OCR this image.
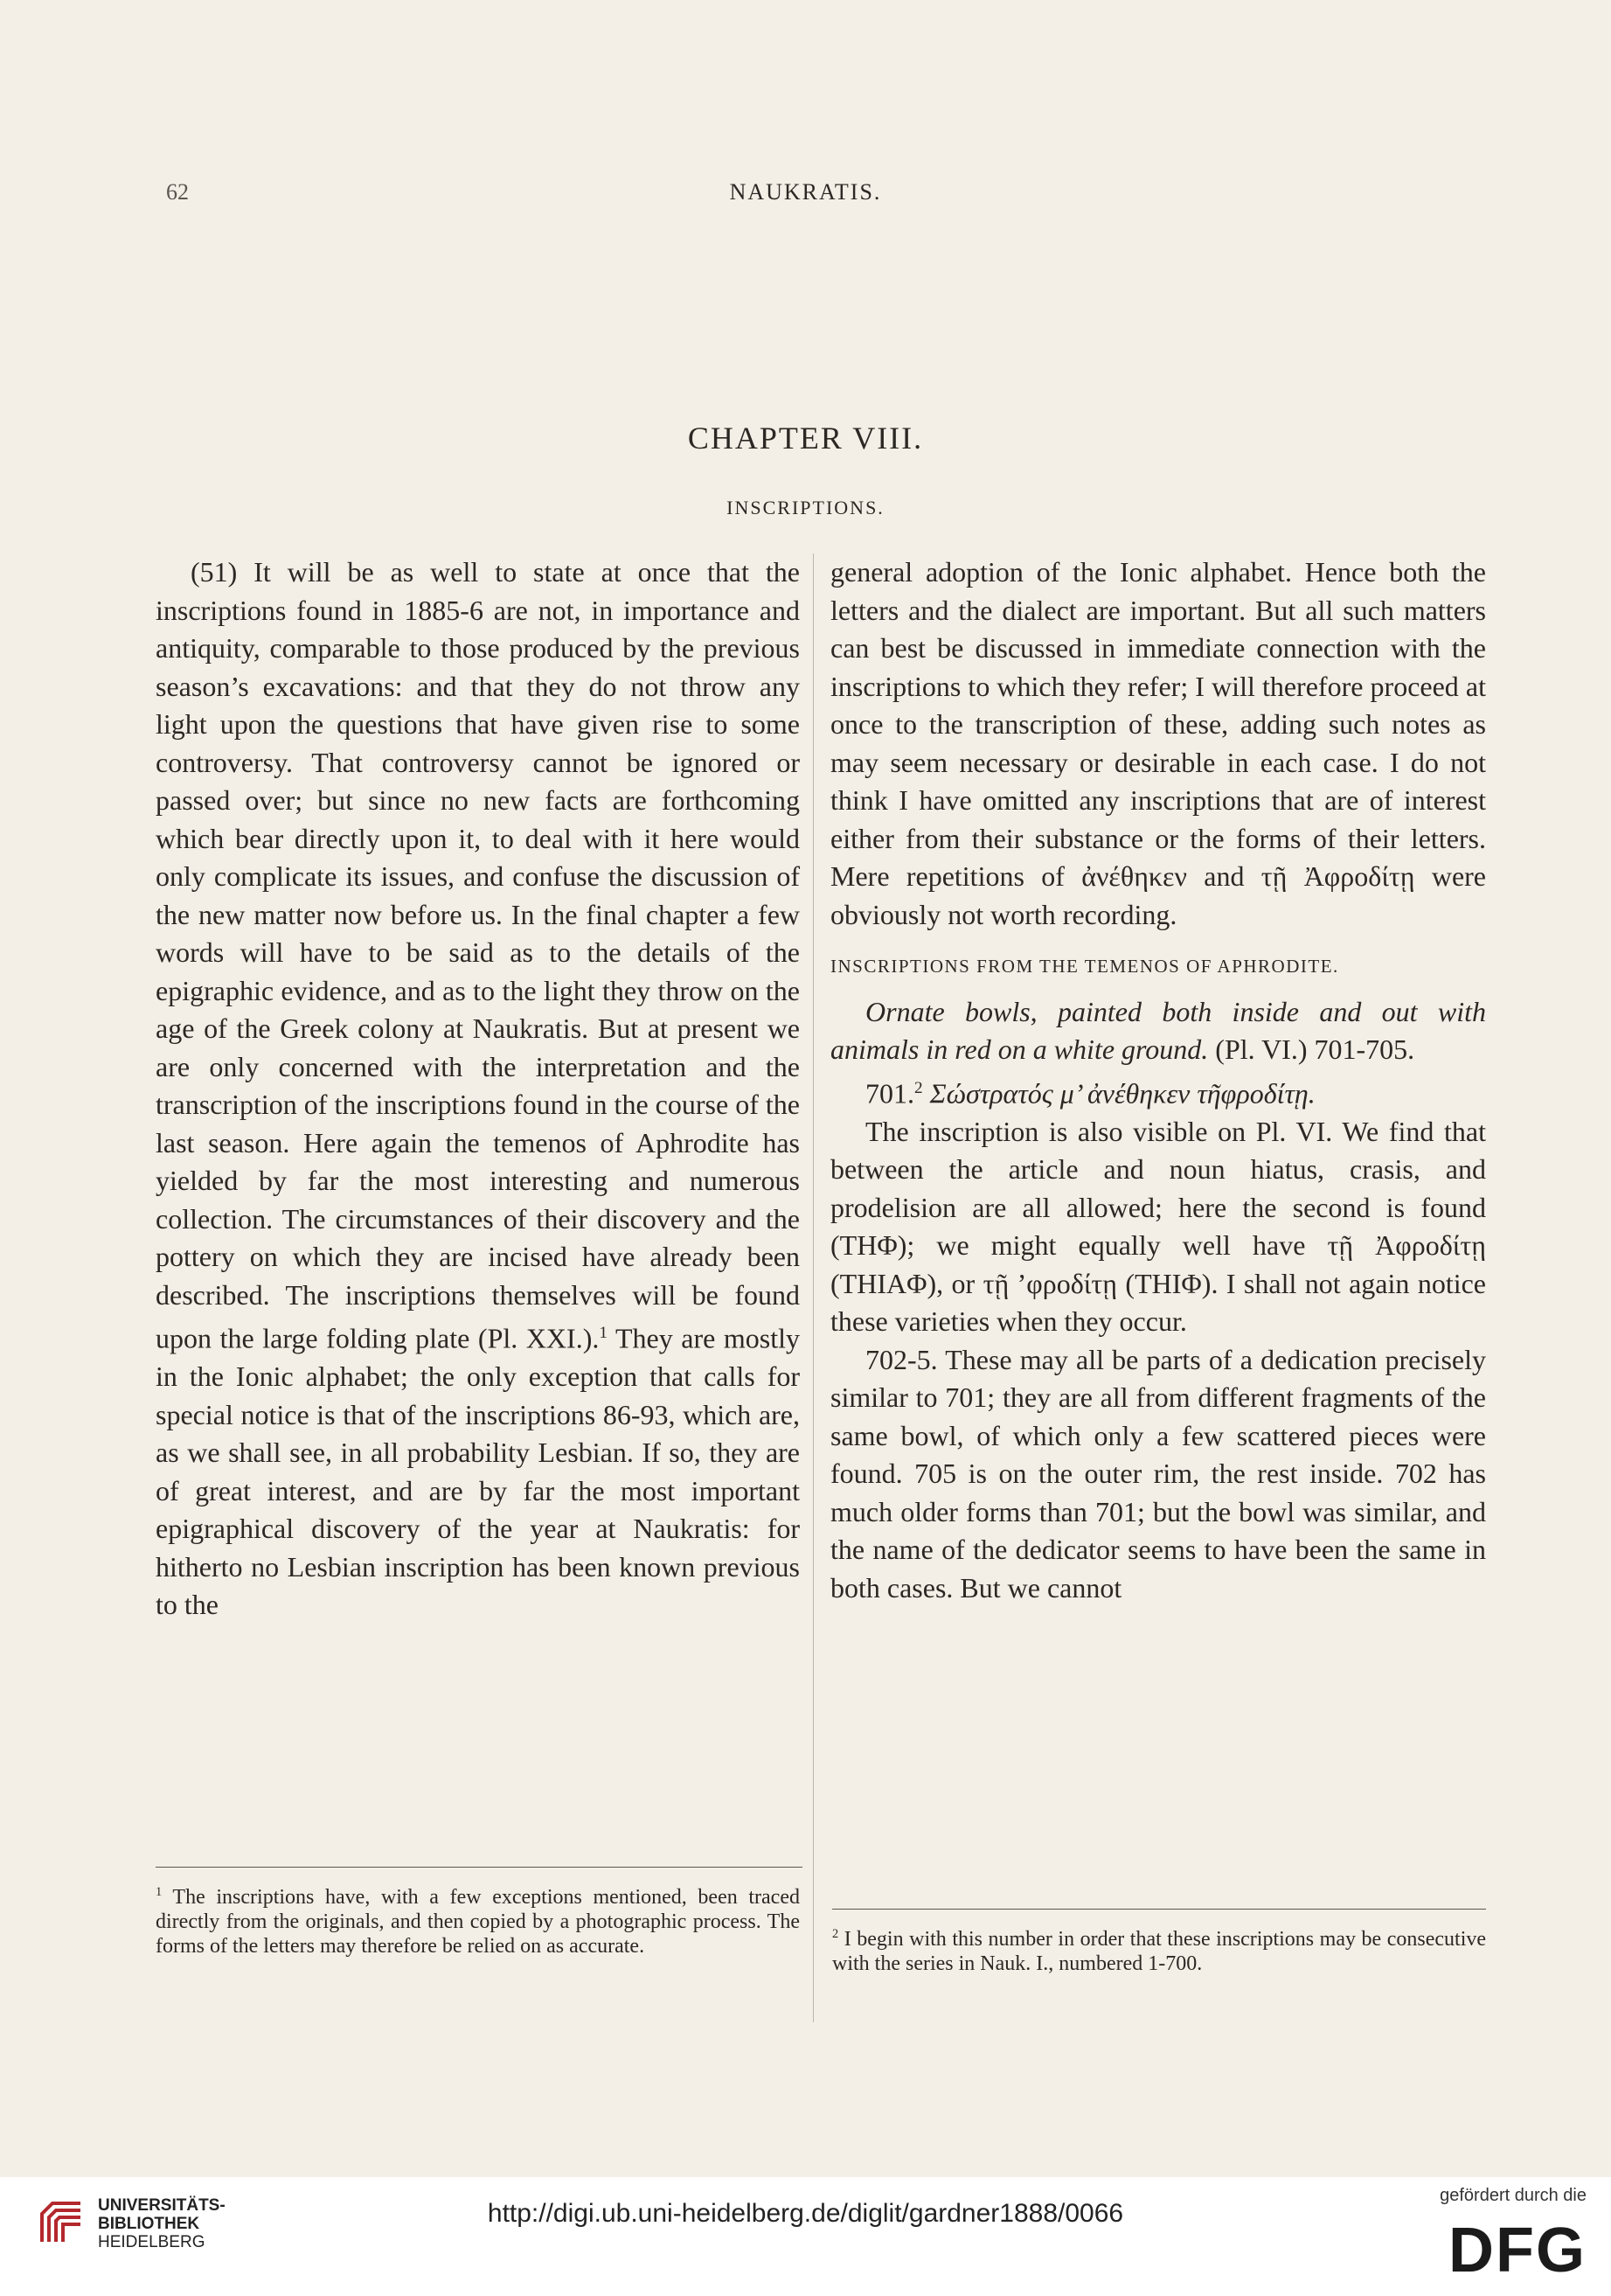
62	NAUKRATIS.
CHAPTER VIII.
INSCRIPTIONS.

(51) It will be as well to state at once that the inscriptions found in 1885-6 are not, in importance and antiquity, comparable to those produced by the previous season’s excavations: and that they do not throw any light upon the questions that have given rise to some controversy. That controversy cannot be ignored or passed over; but since no new facts are forthcoming which bear directly upon it, to deal with it here would only complicate its issues, and confuse the discussion of the new matter now before us. In the final chapter a few words will have to be said as to the details of the epigraphic evidence, and as to the light they throw on the age of the Greek colony at Naukratis. But at present we are only concerned with the interpretation and the transcription of the inscriptions found in the course of the last season. Here again the temenos of Aphrodite has yielded by far the most interesting and numerous collection. The circumstances of their discovery and the pottery on which they are incised have already been described. The inscriptions themselves will be found upon the large folding plate (Pl. XXI.).$^1$ They are mostly in the Ionic alphabet; the only exception that calls for special notice is that of the inscriptions 86-93, which are, as we shall see, in all probability Lesbian. If so, they are of great interest, and are by far the most important epigraphical discovery of the year at Naukratis: for hitherto no Lesbian inscription has been known previous to the

general adoption of the Ionic alphabet. Hence both the letters and the dialect are important. But all such matters can best be discussed in immediate connection with the inscriptions to which they refer; I will therefore proceed at once to the transcription of these, adding such notes as may seem necessary or desirable in each case. I do not think I have omitted any inscriptions that are of interest either from their substance or the forms of their letters. Mere repetitions of ἀνέθηκεν and τῇ Ἀφροδίτῃ were obviously not worth recording.

INSCRIPTIONS FROM THE TEMENOS OF APHRODITE.

Ornate bowls, painted both inside and out with animals in red on a white ground. (Pl. VI.) 701-705.

701.$^2$ Σώστρατός μ’ ἀνέθηκεν τῆφροδίτῃ.

The inscription is also visible on Pl. VI. We find that between the article and noun hiatus, crasis, and prodelision are all allowed; here the second is found (THΦ); we might equally well have τῇ Ἀφροδίτῃ (THIAΦ), or τῇ ’φροδίτῃ (THIΦ). I shall not again notice these varieties when they occur.

702-5. These may all be parts of a dedication precisely similar to 701; they are all from different fragments of the same bowl, of which only a few scattered pieces were found. 705 is on the outer rim, the rest inside. 702 has much older forms than 701; but the bowl was similar, and the name of the dedicator seems to have been the same in both cases. But we cannot

$^1$ The inscriptions have, with a few exceptions mentioned, been traced directly from the originals, and then copied by a photographic process. The forms of the letters may therefore be relied on as accurate.
$^2$ I begin with this number in order that these inscriptions may be consecutive with the series in Nauk. I., numbered 1-700.
UNIVERSITÄTS-
BIBLIOTHEK
HEIDELBERG
http://digi.ub.uni-heidelberg.de/diglit/gardner1888/0066
gefördert durch die
DFG
